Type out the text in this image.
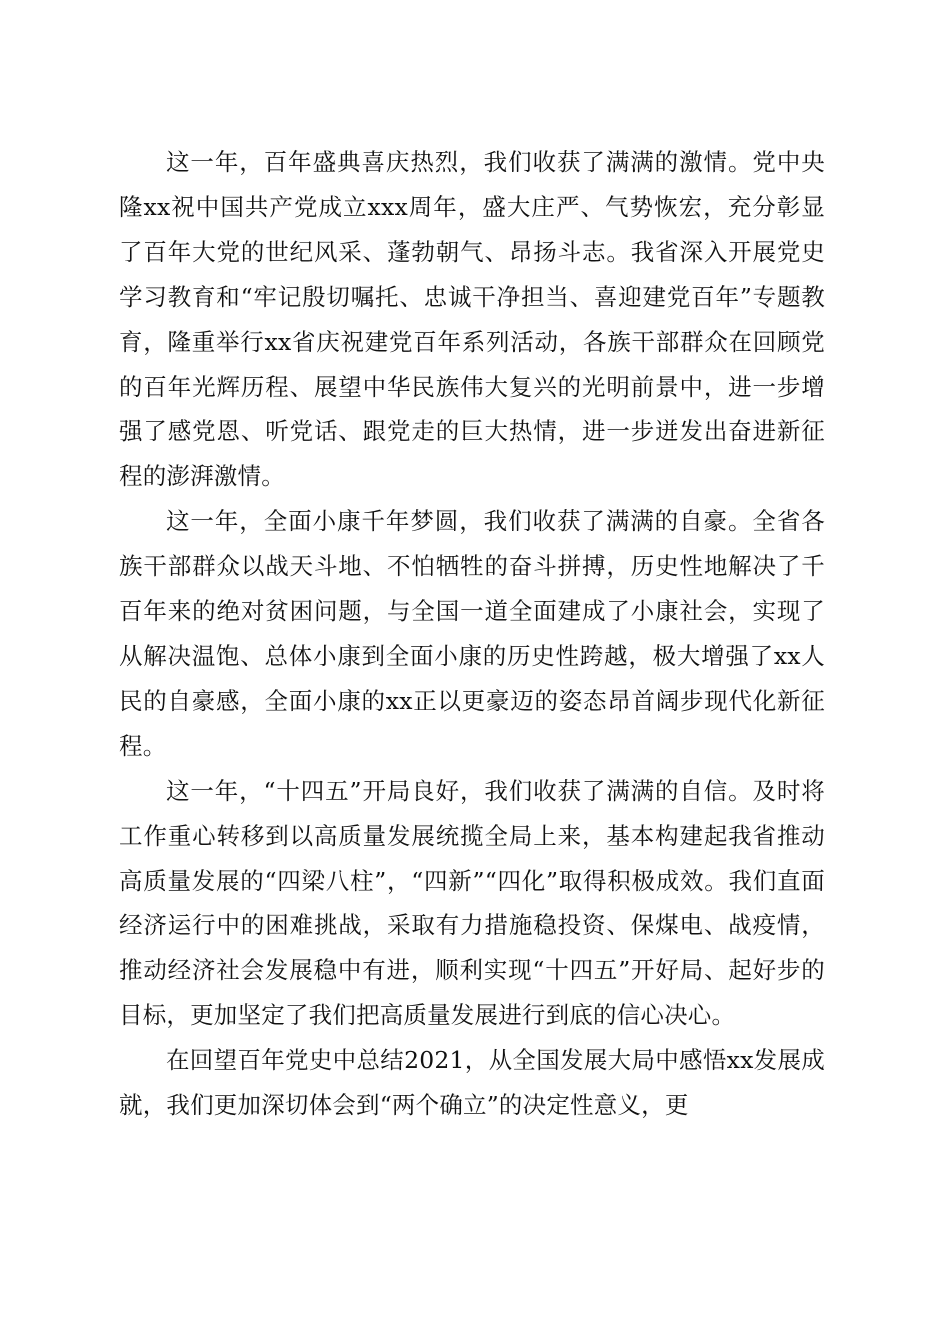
这一年，百年盛典喜庆热烈，我们收获了满满的激情。党中央隆xx祝中国共产党成立xxx周年，盛大庄严、气势恢宏，充分彰显了百年大党的世纪风采、蓬勃朝气、昂扬斗志。我省深入开展党史学习教育和“牢记殷切嘱托、忠诚干净担当、喜迎建党百年”专题教育，隆重举行xx省庆祝建党百年系列活动，各族干部群众在回顾党的百年光辉历程、展望中华民族伟大复兴的光明前景中，进一步增强了感党恩、听党话、跟党走的巨大热情，进一步迸发出奋进新征程的澎湃激情。

这一年，全面小康千年梦圆，我们收获了满满的自豪。全省各族干部群众以战天斗地、不怕牺牲的奋斗拼搏，历史性地解决了千百年来的绝对贫困问题，与全国一道全面建成了小康社会，实现了从解决温饱、总体小康到全面小康的历史性跨越，极大增强了xx人民的自豪感，全面小康的xx正以更豪迈的姿态昂首阔步现代化新征程。

这一年，“十四五”开局良好，我们收获了满满的自信。及时将工作重心转移到以高质量发展统揽全局上来，基本构建起我省推动高质量发展的“四梁八柱”，“四新”“四化”取得积极成效。我们直面经济运行中的困难挑战，采取有力措施稳投资、保煤电、战疫情，推动经济社会发展稳中有进，顺利实现“十四五”开好局、起好步的目标，更加坚定了我们把高质量发展进行到底的信心决心。

在回望百年党史中总结2021，从全国发展大局中感悟xx发展成就，我们更加深切体会到“两个确立”的决定性意义，更
